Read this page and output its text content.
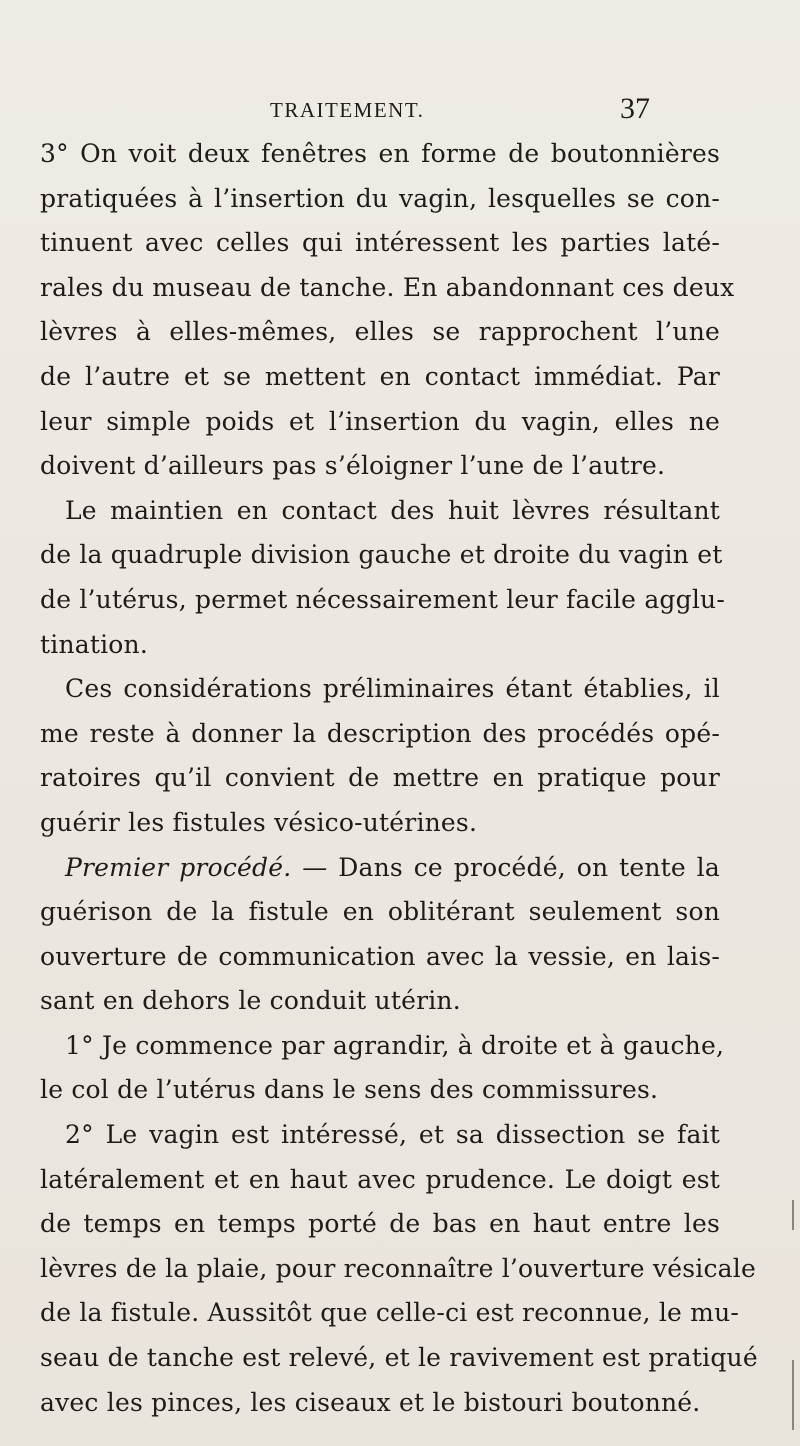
TRAITEMENT.	37
3° On voit deux fenêtres en forme de boutonnières
pratiquées à l’insertion du vagin, lesquelles se con-
tinuent avec celles qui intéressent les parties laté-
rales du museau de tanche. En abandonnant ces deux
lèvres à elles-mêmes, elles se rapprochent l’une
de l’autre et se mettent en contact immédiat. Par
leur simple poids et l’insertion du vagin, elles ne
doivent d’ailleurs pas s’éloigner l’une de l’autre.
Le maintien en contact des huit lèvres résultant
de la quadruple division gauche et droite du vagin et
de l’utérus, permet nécessairement leur facile agglu-
tination.
Ces considérations préliminaires étant établies, il
me reste à donner la description des procédés opé-
ratoires qu’il convient de mettre en pratique pour
guérir les fistules vésico-utérines.
Premier procédé. — Dans ce procédé, on tente la
guérison de la fistule en oblitérant seulement son
ouverture de communication avec la vessie, en lais-
sant en dehors le conduit utérin.
1° Je commence par agrandir, à droite et à gauche,
le col de l’utérus dans le sens des commissures.
2° Le vagin est intéressé, et sa dissection se fait
latéralement et en haut avec prudence. Le doigt est
de temps en temps porté de bas en haut entre les
lèvres de la plaie, pour reconnaître l’ouverture vésicale
de la fistule. Aussitôt que celle-ci est reconnue, le mu-
seau de tanche est relevé, et le ravivement est pratiqué
avec les pinces, les ciseaux et le bistouri boutonné.
